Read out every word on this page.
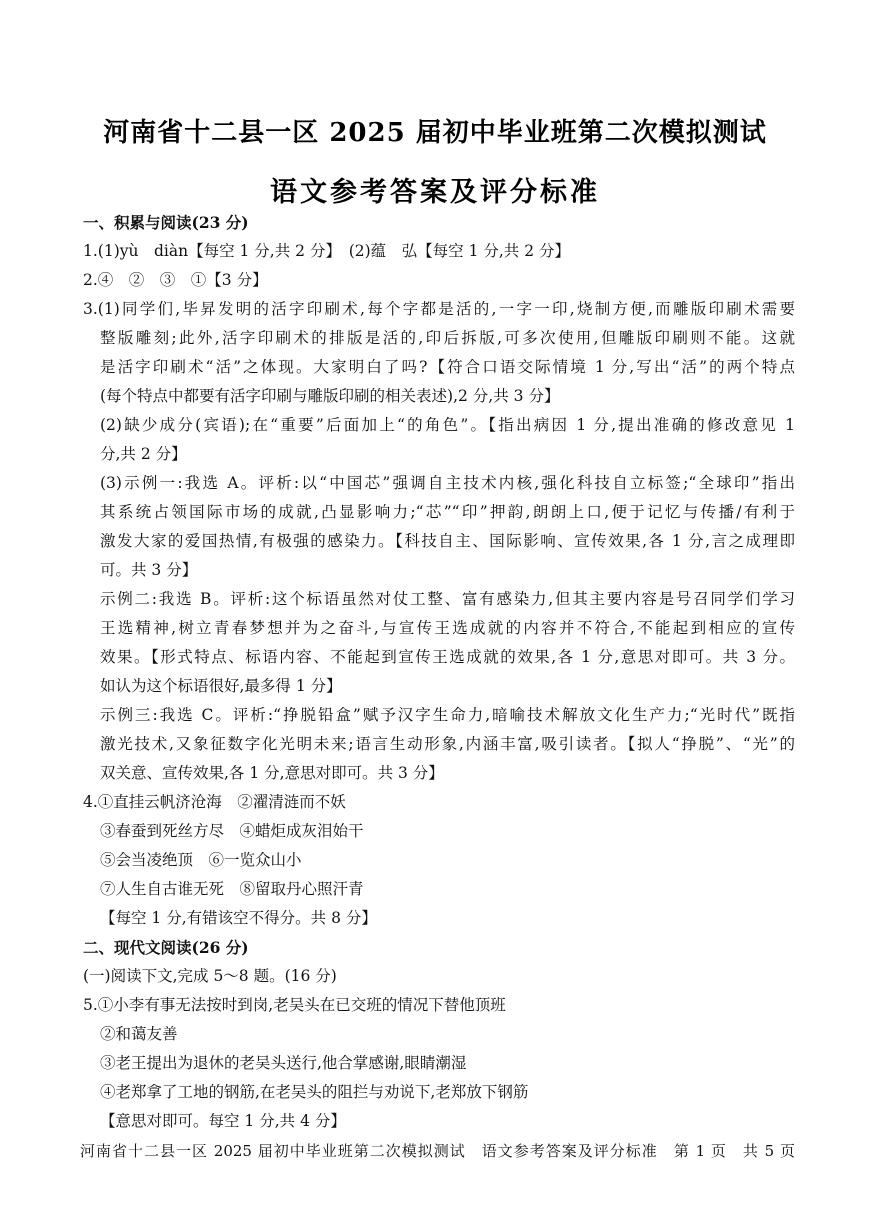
河南省十二县一区 2025 届初中毕业班第二次模拟测试
语文参考答案及评分标准
一、积累与阅读(23 分)
1.(1)yù　diàn【每空 1 分,共 2 分】　(2)蕴　弘【每空 1 分,共 2 分】
2.④　②　③　①【3 分】
3.(1)同学们,毕昇发明的活字印刷术,每个字都是活的,一字一印,烧制方便,而雕版印刷术需要
整版雕刻;此外,活字印刷术的排版是活的,印后拆版,可多次使用,但雕版印刷则不能。这就
是活字印刷术“活”之体现。大家明白了吗?【符合口语交际情境 1 分,写出“活”的两个特点
(每个特点中都要有活字印刷与雕版印刷的相关表述),2 分,共 3 分】
(2)缺少成分(宾语);在“重要”后面加上“的角色”。【指出病因 1 分,提出准确的修改意见 1
分,共 2 分】
(3)示例一:我选 A。评析:以“中国芯”强调自主技术内核,强化科技自立标签;“全球印”指出
其系统占领国际市场的成就,凸显影响力;“芯”“印”押韵,朗朗上口,便于记忆与传播/有利于
激发大家的爱国热情,有极强的感染力。【科技自主、国际影响、宣传效果,各 1 分,言之成理即
可。共 3 分】
示例二:我选 B。评析:这个标语虽然对仗工整、富有感染力,但其主要内容是号召同学们学习
王选精神,树立青春梦想并为之奋斗,与宣传王选成就的内容并不符合,不能起到相应的宣传
效果。【形式特点、标语内容、不能起到宣传王选成就的效果,各 1 分,意思对即可。共 3 分。
如认为这个标语很好,最多得 1 分】
示例三:我选 C。评析:“挣脱铅盒”赋予汉字生命力,暗喻技术解放文化生产力;“光时代”既指
激光技术,又象征数字化光明未来;语言生动形象,内涵丰富,吸引读者。【拟人“挣脱”、“光”的
双关意、宣传效果,各 1 分,意思对即可。共 3 分】
4.①直挂云帆济沧海　②濯清涟而不妖
③春蚕到死丝方尽　④蜡炬成灰泪始干
⑤会当凌绝顶　⑥一览众山小
⑦人生自古谁无死　⑧留取丹心照汗青
【每空 1 分,有错该空不得分。共 8 分】
二、现代文阅读(26 分)
(一)阅读下文,完成 5～8 题。(16 分)
5.①小李有事无法按时到岗,老吴头在已交班的情况下替他顶班
②和蔼友善
③老王提出为退休的老吴头送行,他合掌感谢,眼睛潮湿
④老郑拿了工地的钢筋,在老吴头的阻拦与劝说下,老郑放下钢筋
【意思对即可。每空 1 分,共 4 分】
河南省十二县一区 2025 届初中毕业班第二次模拟测试　语文参考答案及评分标准　第 1 页　共 5 页
